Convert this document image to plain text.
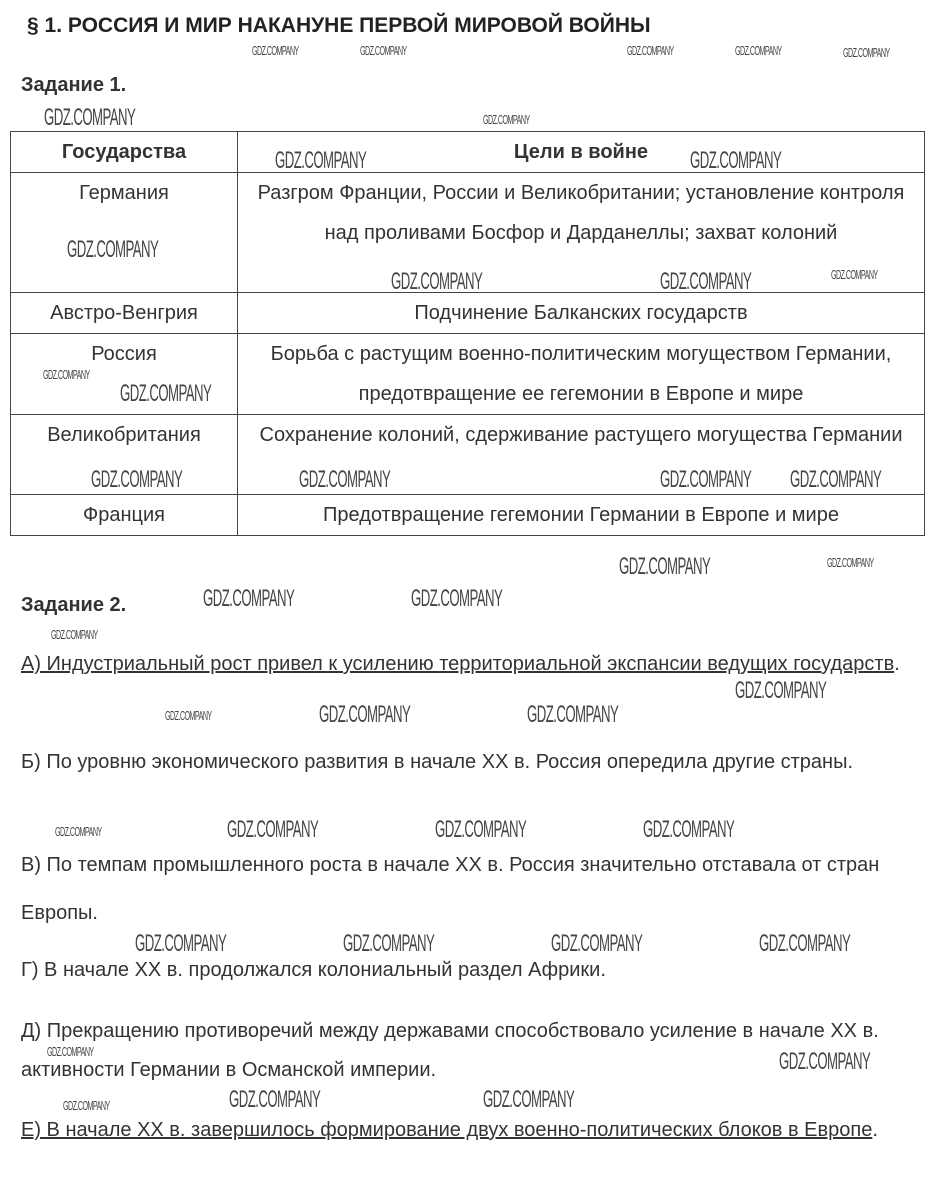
§ 1. РОССИЯ И МИР НАКАНУНЕ ПЕРВОЙ МИРОВОЙ ВОЙНЫ
Задание 1.
Государства	Цели в войне
Германия	Разгром Франции, России и Великобритании; установление контроля над проливами Босфор и Дарданеллы; захват колоний
Австро-Венгрия	Подчинение Балканских государств
Россия	Борьба с растущим военно-политическим могуществом Германии, предотвращение ее гегемонии в Европе и мире
Великобритания	Сохранение колоний, сдерживание растущего могущества Германии
Франция	Предотвращение гегемонии Германии в Европе и мире
Задание 2.
А) Индустриальный рост привел к усилению территориальной экспансии ведущих государств.
Б) По уровню экономического развития в начале XX в. Россия опередила другие страны.
В) По темпам промышленного роста в начале XX в. Россия значительно отставала от стран Европы.
Г) В начале XX в. продолжался колониальный раздел Африки.
Д) Прекращению противоречий между державами способствовало усиление в начале XX в. активности Германии в Османской империи.
Е) В начале XX в. завершилось формирование двух военно-политических блоков в Европе.
GDZ.COMPANY	GDZ.COMPANY
GDZ.COMPANY	GDZ.COMPANY
GDZ.COMPANY
GDZ.COMPANY	GDZ.COMPANY
GDZ.COMPANY
GDZ.COMPANY GDZ.COMPANY
GDZ.COMPANY	GDZ.COMPANY
GDZ.COMPANY
GDZ.COMPANY	GDZ.COMPANY
GDZ.COMPANY
GDZ.COMPANY	GDZ.COMPANY
GDZ.COMPANY	GDZ.COMPANY	GDZ.COMPANY
GDZ.COMPANY	GDZ.COMPANY	GDZ.COMPANY	GDZ.COMPANY
GDZ.COMPANY
GDZ.COMPANY	GDZ.COMPANY
GDZ.COMPANY	GDZ.COMPANY	GDZ.COMPANY	GDZ.COMPANY	GDZ.COMPANY
GDZ.COMPANY
GDZ.COMPANY
GDZ.COMPANY
GDZ.COMPANY
GDZ.COMPANY
GDZ.COMPANY
GDZ.COMPANY
GDZ.COMPANY
